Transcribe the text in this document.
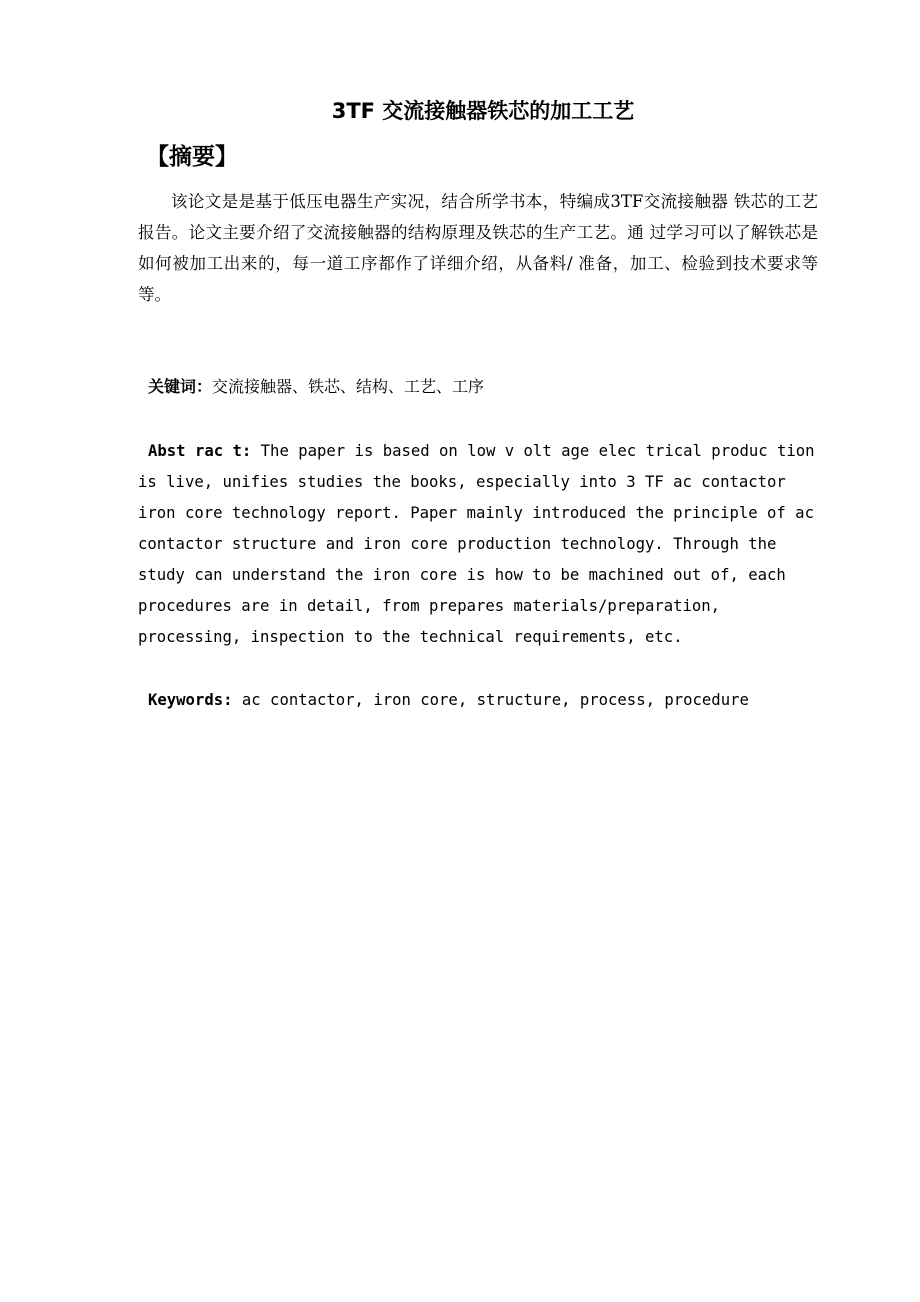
3TF 交流接触器铁芯的加工工艺
【摘要】

该论文是是基于低压电器生产实况，结合所学书本，特编成3TF交流接触器 铁芯的工艺报告。论文主要介绍了交流接触器的结构原理及铁芯的生产工艺。通 过学习可以了解铁芯是如何被加工出来的，每一道工序都作了详细介绍，从备料/ 准备，加工、检验到技术要求等等。

关键词：交流接触器、铁芯、结构、工艺、工序

Abst rac t: The paper is based on low v olt age elec trical produc tion is live, unifies studies the books, especially into 3 TF ac contactor iron core technology report. Paper mainly introduced the principle of ac contactor structure and iron core production technology. Through the study can understand the iron core is how to be machined out of, each procedures are in detail, from prepares materials/preparation, processing, inspection to the technical requirements, etc.

Keywords: ac contactor, iron core, structure, process, procedure
